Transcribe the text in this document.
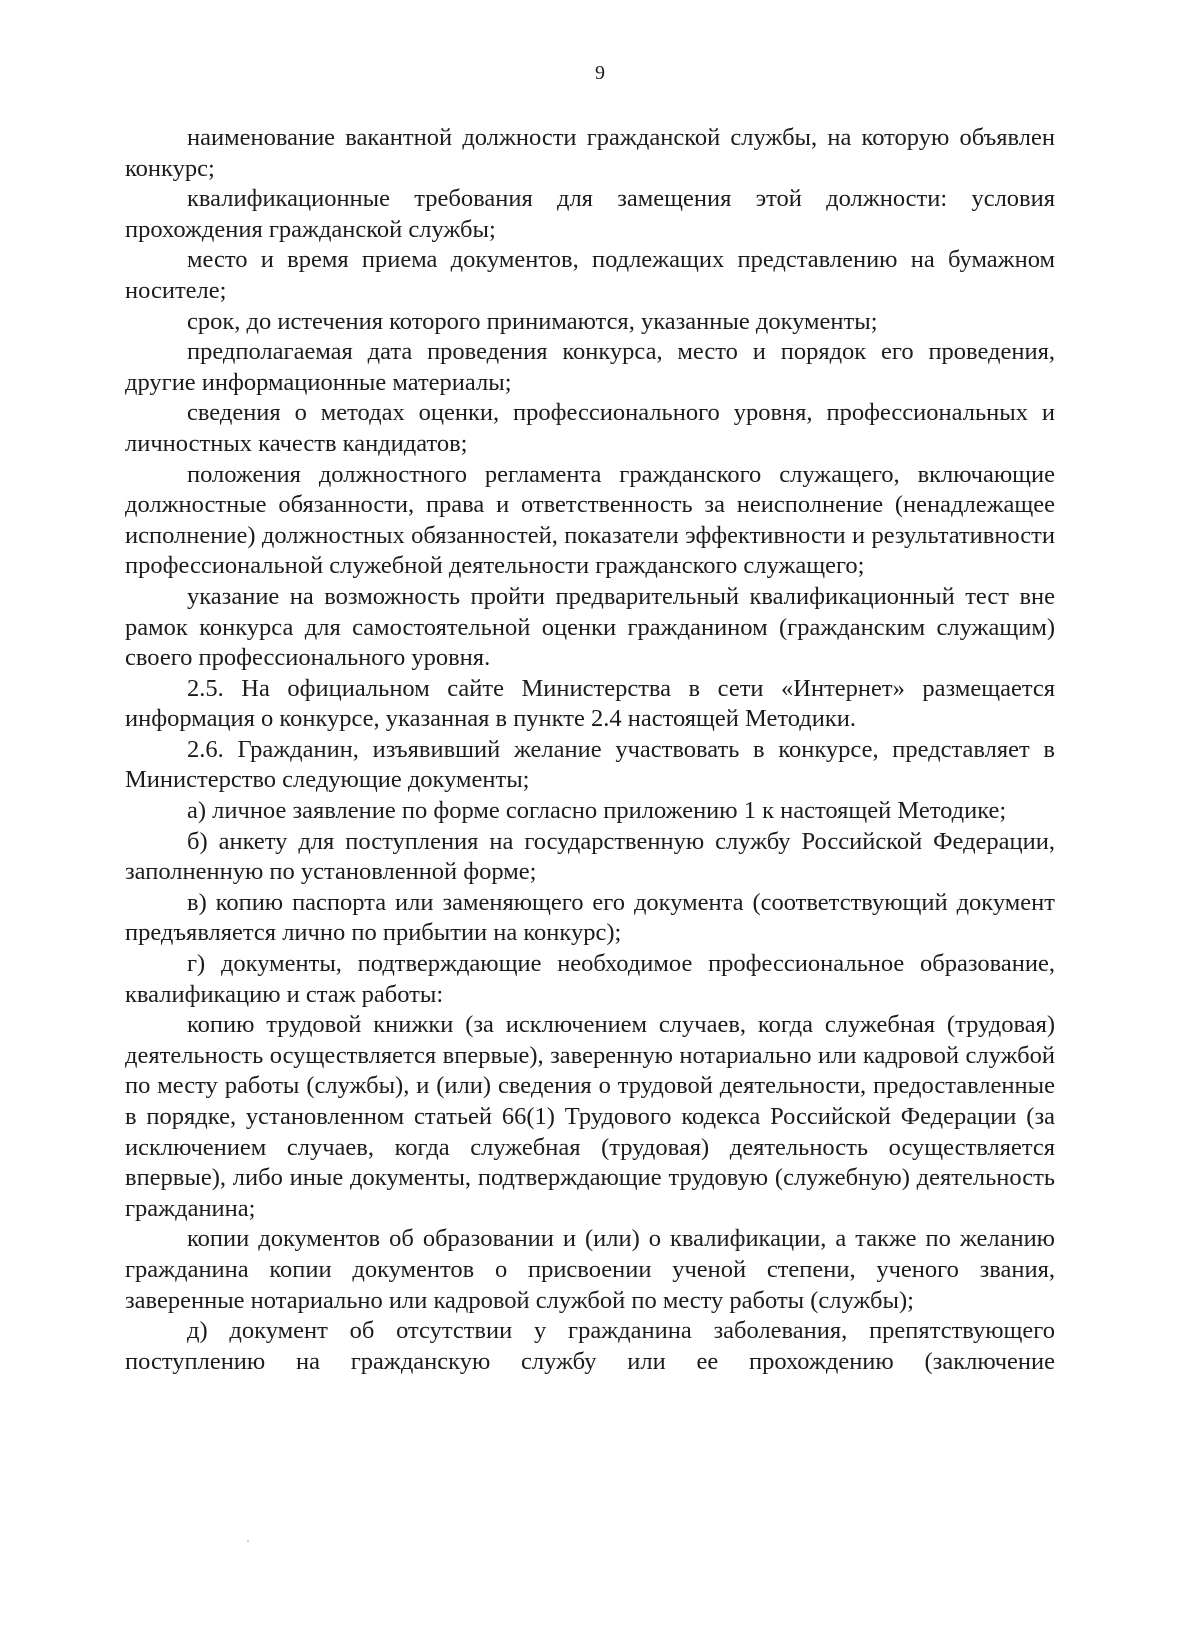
9

наименование вакантной должности гражданской службы, на которую объявлен конкурс;

квалификационные требования для замещения этой должности: условия прохождения гражданской службы;

место и время приема документов, подлежащих представлению на бумажном носителе;

срок, до истечения которого принимаются, указанные документы;

предполагаемая дата проведения конкурса, место и порядок его проведения, другие информационные материалы;

сведения о методах оценки, профессионального уровня, профессиональных и личностных качеств кандидатов;

положения должностного регламента гражданского служащего, включающие должностные обязанности, права и ответственность за неисполнение (ненадлежащее исполнение) должностных обязанностей, показатели эффективности и результативности профессиональной служебной деятельности гражданского служащего;

указание на возможность пройти предварительный квалификационный тест вне рамок конкурса для самостоятельной оценки гражданином (гражданским служащим) своего профессионального уровня.

2.5. На официальном сайте Министерства в сети «Интернет» размещается информация о конкурсе, указанная в пункте 2.4 настоящей Методики.

2.6. Гражданин, изъявивший желание участвовать в конкурсе, представляет в Министерство следующие документы;

а) личное заявление по форме согласно приложению 1 к настоящей Методике;

б) анкету для поступления на государственную службу Российской Федерации, заполненную по установленной форме;

в) копию паспорта или заменяющего его документа (соответствующий документ предъявляется лично по прибытии на конкурс);

г) документы, подтверждающие необходимое профессиональное образование, квалификацию и стаж работы:

копию трудовой книжки (за исключением случаев, когда служебная (трудовая) деятельность осуществляется впервые), заверенную нотариально или кадровой службой по месту работы (службы), и (или) сведения о трудовой деятельности, предоставленные в порядке, установленном статьей 66(1) Трудового кодекса Российской Федерации (за исключением случаев, когда служебная (трудовая) деятельность осуществляется впервые), либо иные документы, подтверждающие трудовую (служебную) деятельность гражданина;

копии документов об образовании и (или) о квалификации, а также по желанию гражданина копии документов о присвоении ученой степени, ученого звания, заверенные нотариально или кадровой службой по месту работы (службы);

д) документ об отсутствии у гражданина заболевания, препятствующего поступлению на гражданскую службу или ее прохождению (заключение
